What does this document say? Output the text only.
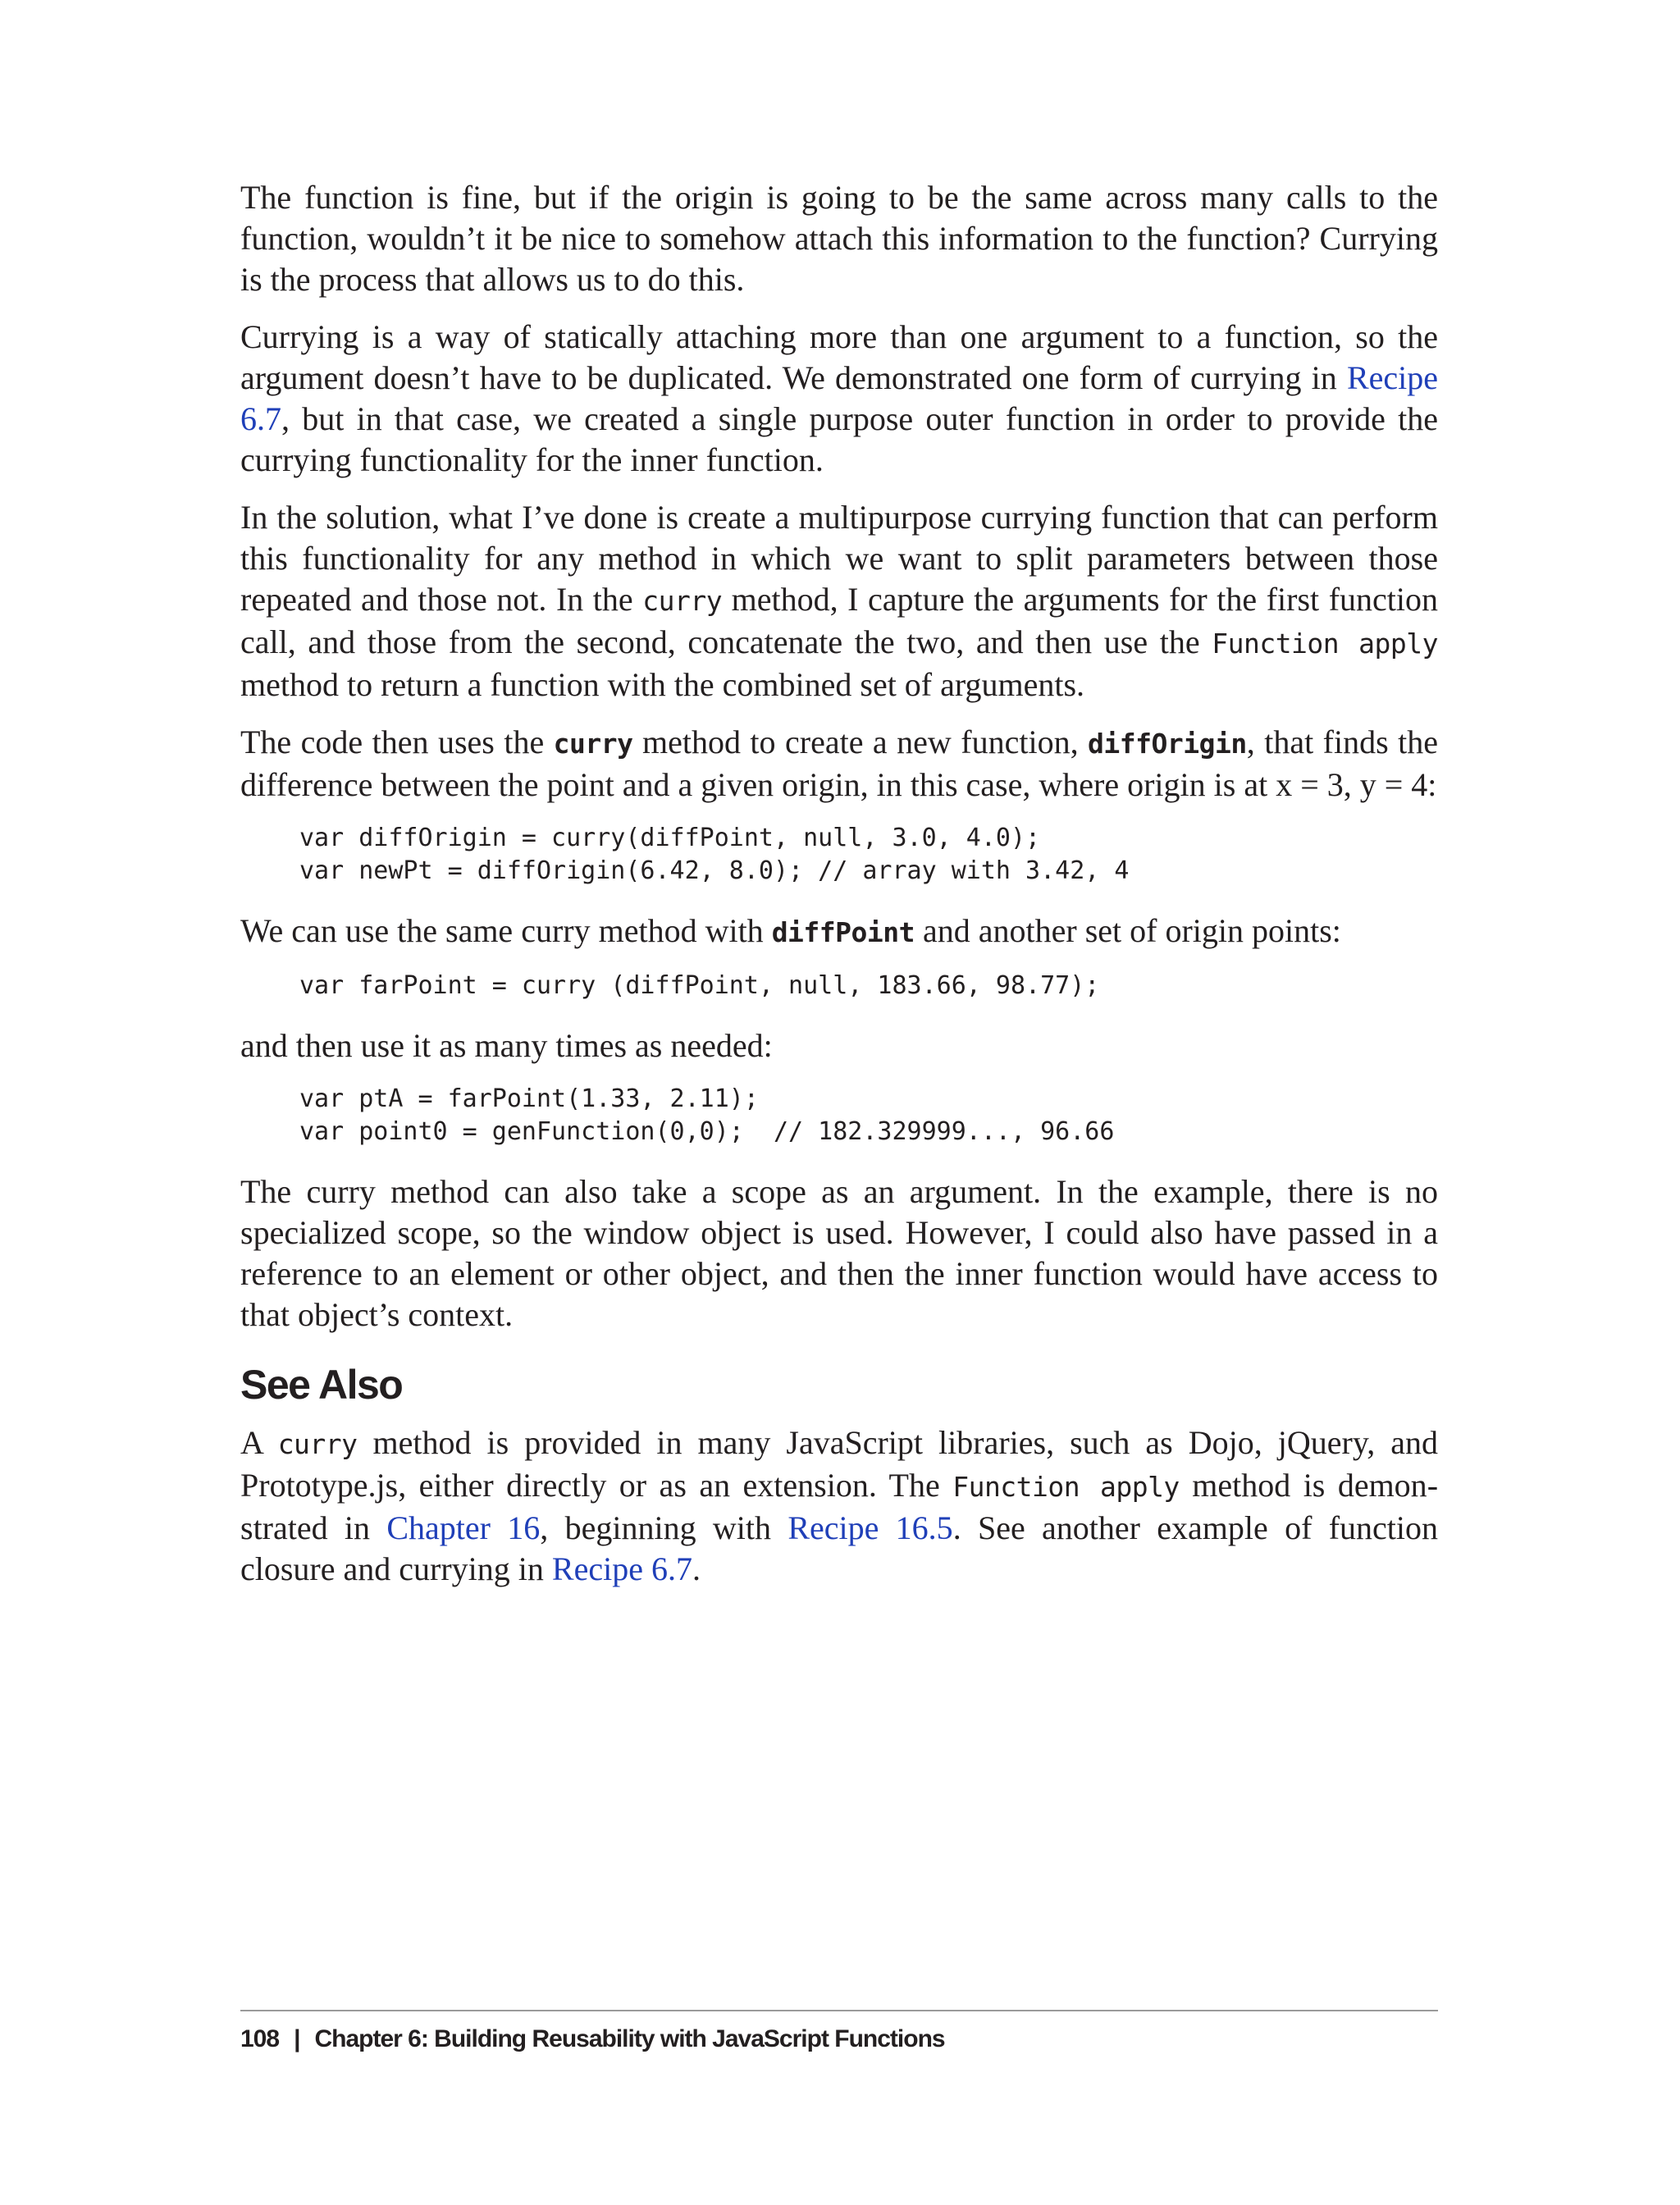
The function is fine, but if the origin is going to be the same across many calls to the function, wouldn’t it be nice to somehow attach this information to the function? Currying is the process that allows us to do this.

Currying is a way of statically attaching more than one argument to a function, so the argument doesn’t have to be duplicated. We demonstrated one form of currying in Recipe 6.7, but in that case, we created a single purpose outer function in order to provide the currying functionality for the inner function.

In the solution, what I’ve done is create a multipurpose currying function that can perform this functionality for any method in which we want to split parameters between those repeated and those not. In the curry method, I capture the arguments for the first function call, and those from the second, concatenate the two, and then use the Function apply method to return a function with the combined set of arguments.

The code then uses the curry method to create a new function, diffOrigin, that finds the difference between the point and a given origin, in this case, where origin is at x = 3, y = 4:

var diffOrigin = curry(diffPoint, null, 3.0, 4.0);
var newPt = diffOrigin(6.42, 8.0); // array with 3.42, 4

We can use the same curry method with diffPoint and another set of origin points:

var farPoint = curry (diffPoint, null, 183.66, 98.77);

and then use it as many times as needed:

var ptA = farPoint(1.33, 2.11);
var point0 = genFunction(0,0);  // 182.329999..., 96.66

The curry method can also take a scope as an argument. In the example, there is no specialized scope, so the window object is used. However, I could also have passed in a reference to an element or other object, and then the inner function would have access to that object’s context.

See Also

A curry method is provided in many JavaScript libraries, such as Dojo, jQuery, and Prototype.js, either directly or as an extension. The Function apply method is demonstrated in Chapter 16, beginning with Recipe 16.5. See another example of function closure and currying in Recipe 6.7.

108 | Chapter 6: Building Reusability with JavaScript Functions
